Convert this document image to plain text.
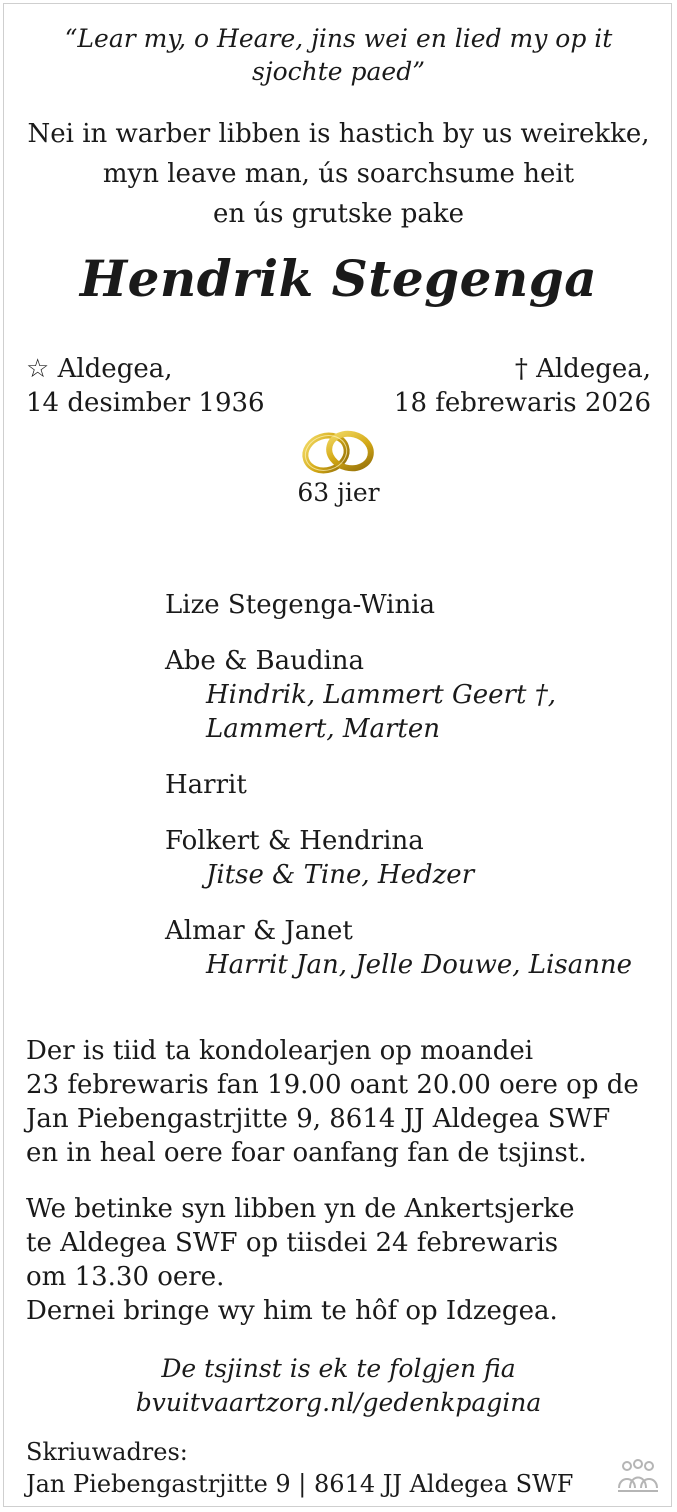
“Lear my, o Heare, jins wei en lied my op it
sjochte paed”
Nei in warber libben is hastich by us weirekke,
myn leave man, ús soarchsume heit
en ús grutske pake
Hendrik Stegenga
☆ Aldegea,
14 desimber 1936
† Aldegea,
18 febrewaris 2026
63 jier
Lize Stegenga-Winia
Abe & Baudina
Hindrik, Lammert Geert †,
Lammert, Marten
Harrit
Folkert & Hendrina
Jitse & Tine, Hedzer
Almar & Janet
Harrit Jan, Jelle Douwe, Lisanne
Der is tiid ta kondolearjen op moandei
23 febrewaris fan 19.00 oant 20.00 oere op de
Jan Piebengastrjitte 9, 8614 JJ Aldegea SWF
en in heal oere foar oanfang fan de tsjinst.
We betinke syn libben yn de Ankertsjerke
te Aldegea SWF op tiisdei 24 febrewaris
om 13.30 oere.
Dernei bringe wy him te hôf op Idzegea.
De tsjinst is ek te folgjen fia
bvuitvaartzorg.nl/gedenkpagina
Skriuwadres:
Jan Piebengastrjitte 9 | 8614 JJ Aldegea SWF
